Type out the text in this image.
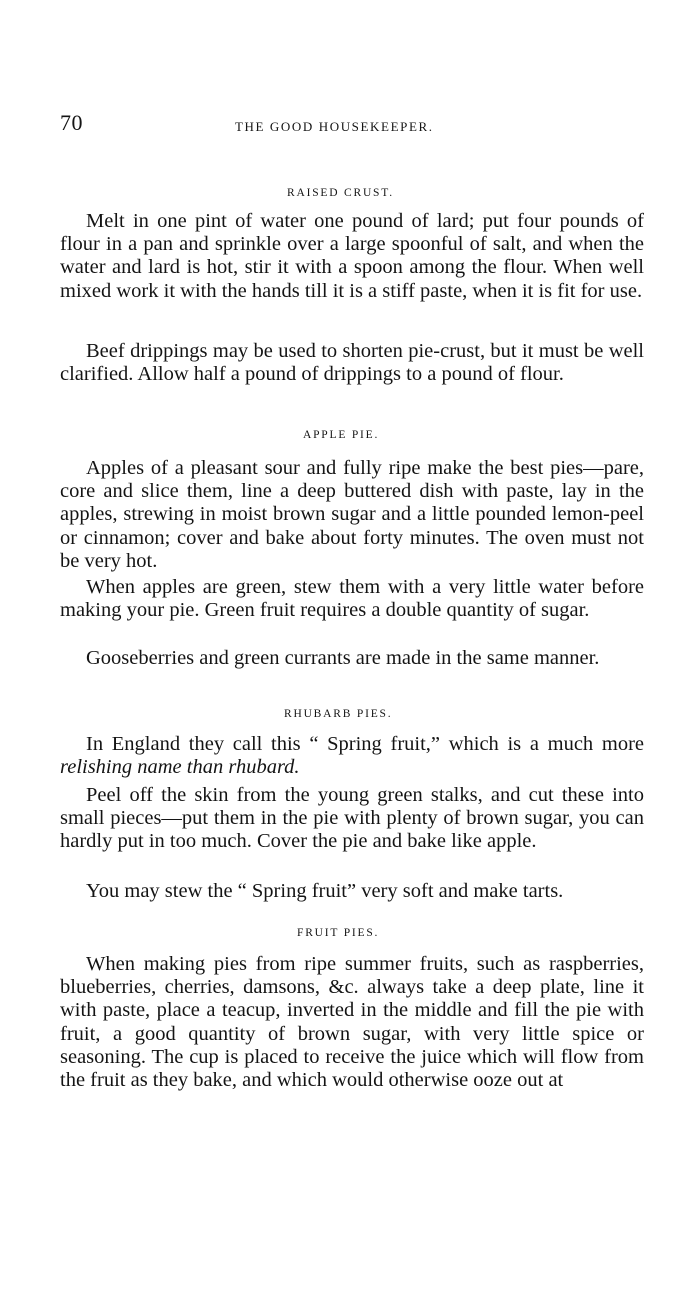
70	THE GOOD HOUSEKEEPER.
RAISED CRUST.

Melt in one pint of water one pound of lard; put four pounds of flour in a pan and sprinkle over a large spoonful of salt, and when the water and lard is hot, stir it with a spoon among the flour. When well mixed work it with the hands till it is a stiff paste, when it is fit for use.

Beef drippings may be used to shorten pie-crust, but it must be well clarified. Allow half a pound of drippings to a pound of flour.

APPLE PIE.

Apples of a pleasant sour and fully ripe make the best pies—pare, core and slice them, line a deep buttered dish with paste, lay in the apples, strewing in moist brown sugar and a little pounded lemon-peel or cinnamon; cover and bake about forty minutes. The oven must not be very hot.

When apples are green, stew them with a very little water before making your pie. Green fruit requires a double quantity of sugar.

Gooseberries and green currants are made in the same manner.

RHUBARB PIES.

In England they call this “ Spring fruit,” which is a much more relishing name than rhubard.

Peel off the skin from the young green stalks, and cut these into small pieces—put them in the pie with plenty of brown sugar, you can hardly put in too much. Cover the pie and bake like apple.

You may stew the “ Spring fruit” very soft and make tarts.

FRUIT PIES.

When making pies from ripe summer fruits, such as raspberries, blueberries, cherries, damsons, &c. always take a deep plate, line it with paste, place a teacup, inverted in the middle and fill the pie with fruit, a good quantity of brown sugar, with very little spice or seasoning. The cup is placed to receive the juice which will flow from the fruit as they bake, and which would otherwise ooze out at
